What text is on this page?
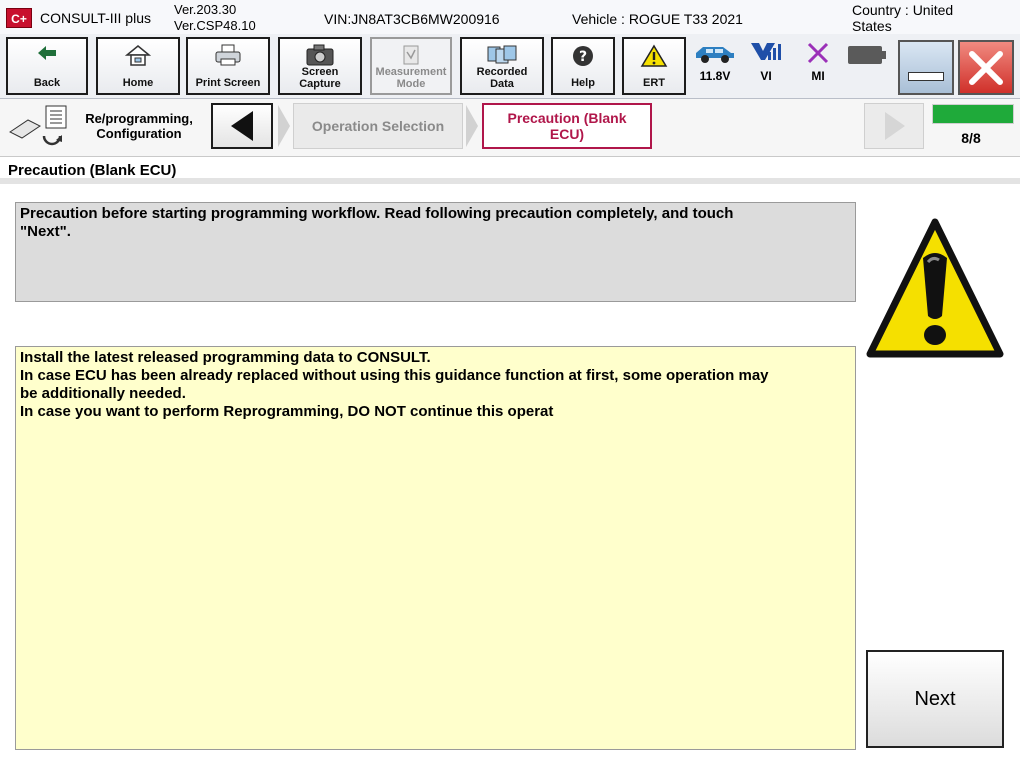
C+ CONSULT-III plus
Ver.203.30
Ver.CSP48.10	VIN:JN8AT3CB6MW200916	Vehicle : ROGUE T33 2021
Country : United
States
Back	Home	Print Screen
Screen
Capture
Measurement
Mode
Recorded
Data
?
Help	ERT	11.8V	VI	MI
Re/programming,
Configuration	Operation Selection	Precaution (Blank
ECU)	8/8
Precaution (Blank ECU)
Precaution before starting programming workflow. Read following precaution completely, and touch
"Next".
Install the latest released programming data to CONSULT.
In case ECU has been already replaced without using this guidance function at first, some operation may
be additionally needed.
In case you want to perform Reprogramming, DO NOT continue this operat
Next
